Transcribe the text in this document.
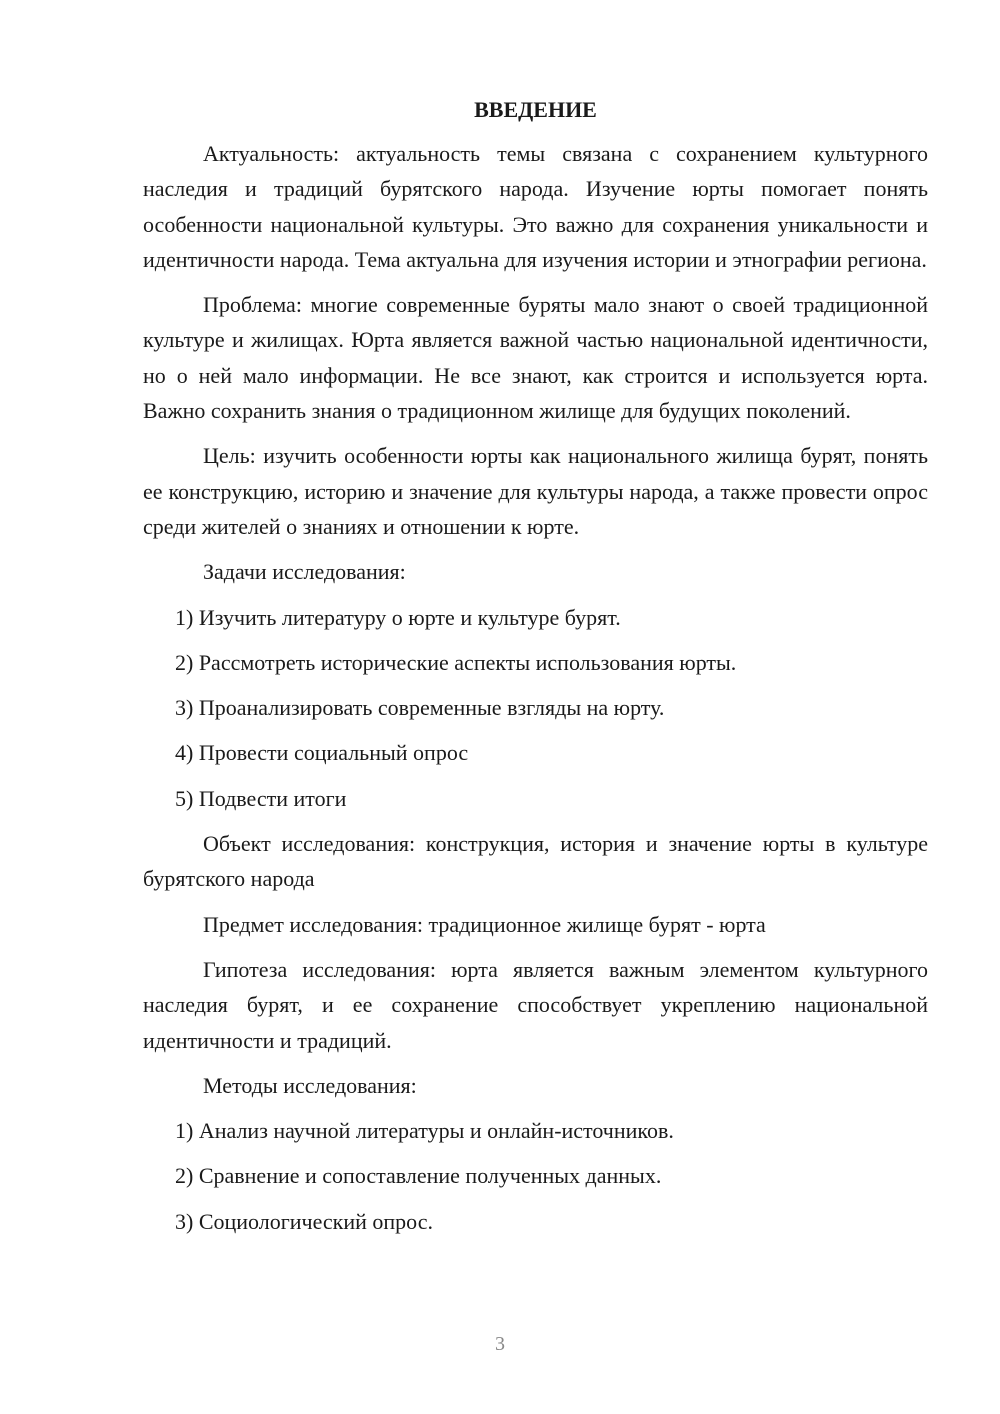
ВВЕДЕНИЕ

Актуальность: актуальность темы связана с сохранением культурного наследия и традиций бурятского народа. Изучение юрты помогает понять особенности национальной культуры. Это важно для сохранения уникальности и идентичности народа. Тема актуальна для изучения истории и этнографии региона.

Проблема: многие современные буряты мало знают о своей традиционной культуре и жилищах. Юрта является важной частью национальной идентичности, но о ней мало информации. Не все знают, как строится и используется юрта. Важно сохранить знания о традиционном жилище для будущих поколений.

Цель: изучить особенности юрты как национального жилища бурят, понять ее конструкцию, историю и значение для культуры народа, а также провести опрос среди жителей о знаниях и отношении к юрте.

Задачи исследования:
1) Изучить литературу о юрте и культуре бурят.
2) Рассмотреть исторические аспекты использования юрты.
3) Проанализировать современные взгляды на юрту.
4) Провести социальный опрос
5) Подвести итоги

Объект исследования: конструкция, история и значение юрты в культуре бурятского народа

Предмет исследования: традиционное жилище бурят - юрта

Гипотеза исследования: юрта является важным элементом культурного наследия бурят, и ее сохранение способствует укреплению национальной идентичности и традиций.

Методы исследования:
1) Анализ научной литературы и онлайн-источников.
2) Сравнение и сопоставление полученных данных.
3) Социологический опрос.
3
